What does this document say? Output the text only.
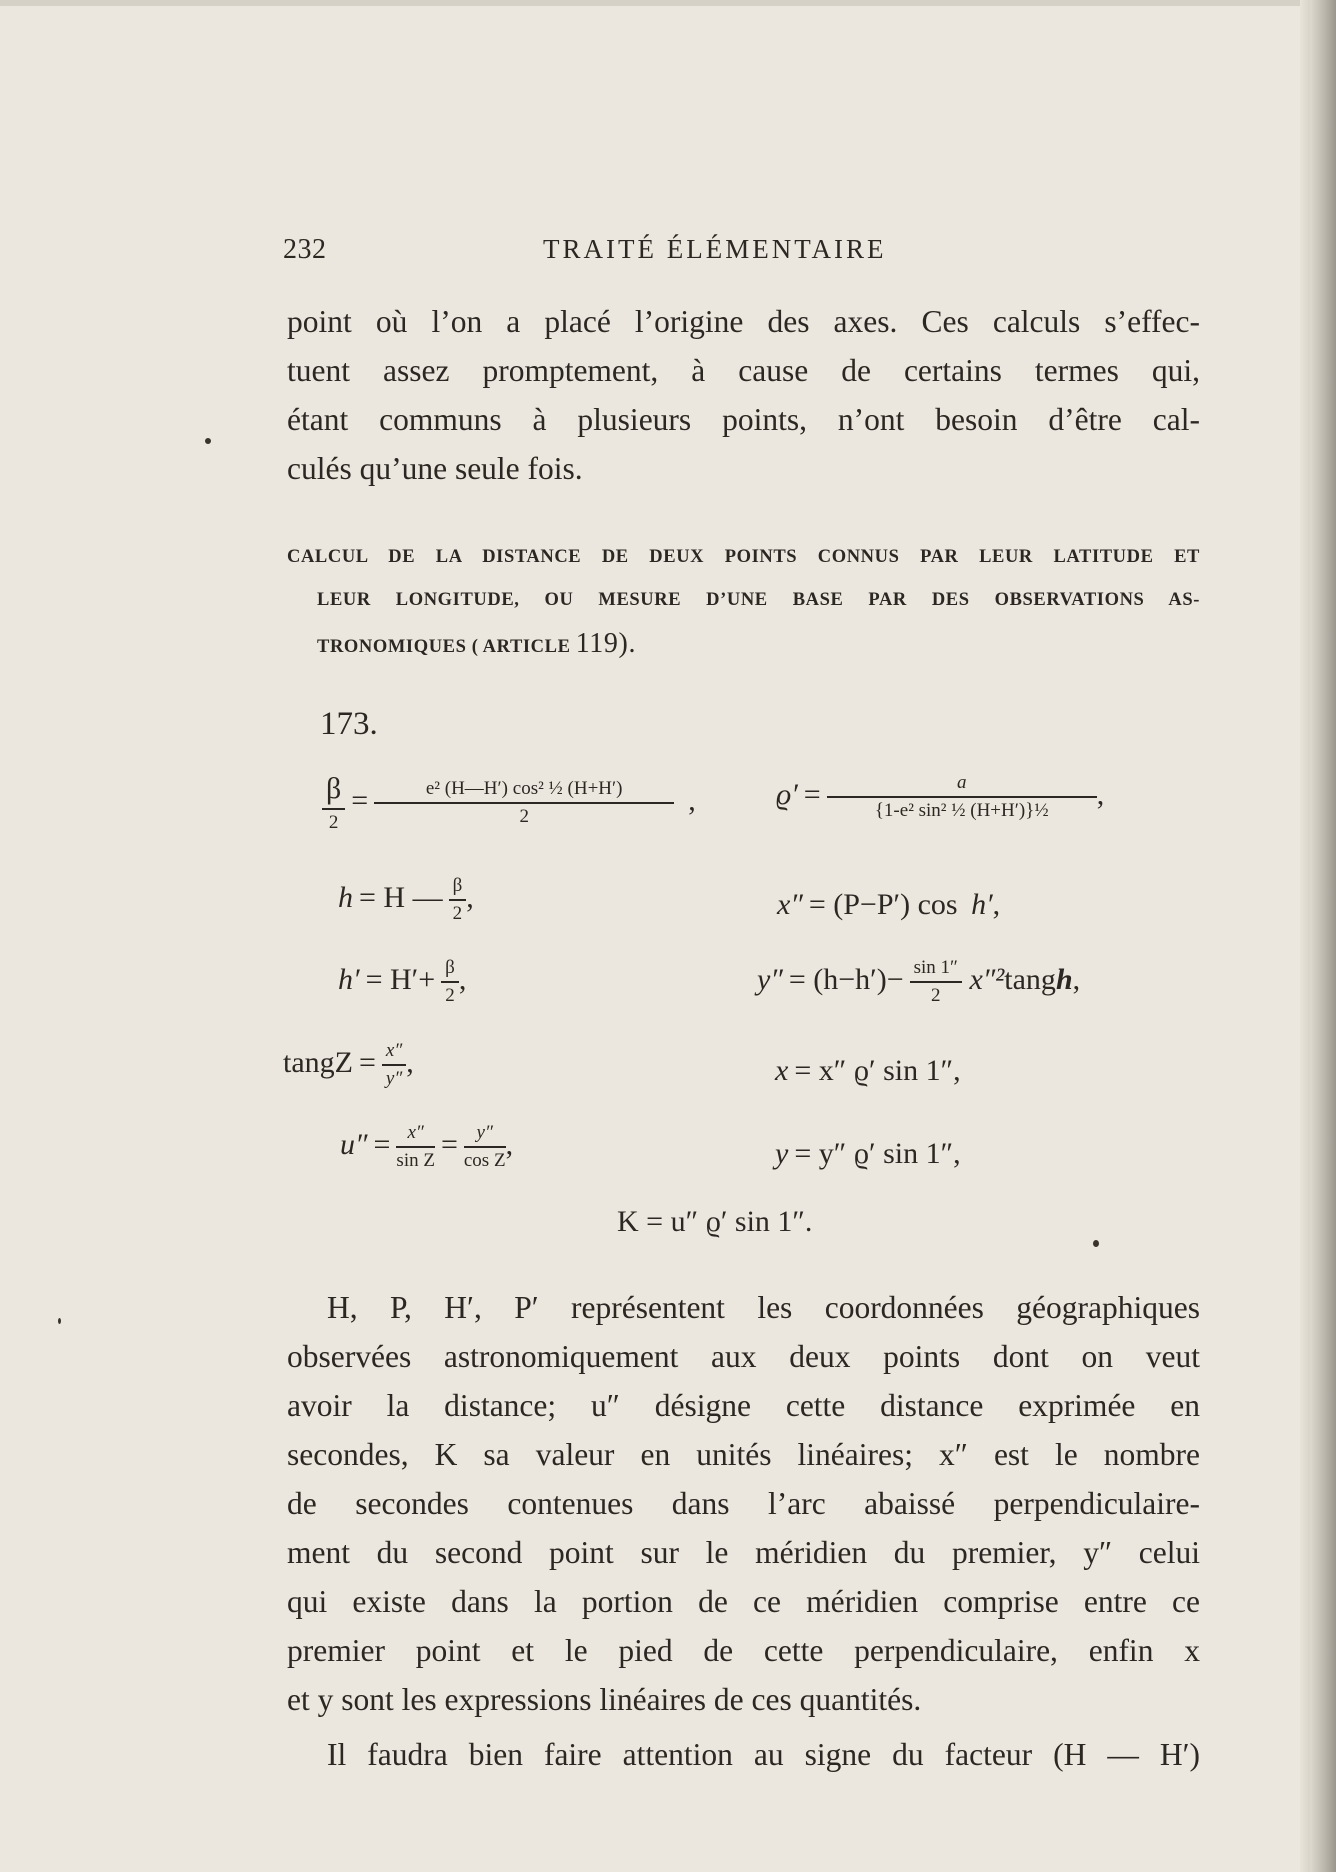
232	TRAITÉ ÉLÉMENTAIRE
point où l’on a placé l’origine des axes. Ces calculs s’effec-
tuent assez promptement, à cause de certains termes qui,
étant communs à plusieurs points, n’ont besoin d’être cal-
culés qu’une seule fois.
CALCUL DE LA DISTANCE DE DEUX POINTS CONNUS PAR LEUR LATITUDE ET
LEUR LONGITUDE, OU MESURE D’UNE BASE PAR DES OBSERVATIONS AS-
TRONOMIQUES ( ARTICLE 119).
173.
$\frac{\beta}{2} = \frac{\text{e² (H—H′) cos² ½ (H+H′)}}{2}$ ,	$ϱ' = \frac{a}{\text{\{1-e² sin² ½ (H+H′)\}½}}$ ,
h = H — $\frac{\beta}{2}$ ,	x″ = (P−P′) cos h′,
$h' = H'+ \frac{\beta}{2}$ ,	$y'' = (h-h')- \frac{\sin 1''}{2}$ x″²tangh,
tangZ = $\frac{x''}{y''}$ ,	x = x″ ϱ′ sin 1″,
$u'' = \frac{x''}{\text{sin Z}} = \frac{y''}{\text{cos Z}}$ ,	y = y″ ϱ′ sin 1″,
K = u″ ϱ′ sin 1″.
H, P, H′, P′ représentent les coordonnées géographiques
observées astronomiquement aux deux points dont on veut
avoir la distance; u″ désigne cette distance exprimée en
secondes, K sa valeur en unités linéaires; x″ est le nombre
de secondes contenues dans l’arc abaissé perpendiculaire-
ment du second point sur le méridien du premier, y″ celui
qui existe dans la portion de ce méridien comprise entre ce
premier point et le pied de cette perpendiculaire, enfin x
et y sont les expressions linéaires de ces quantités.
Il faudra bien faire attention au signe du facteur (H — H′)
